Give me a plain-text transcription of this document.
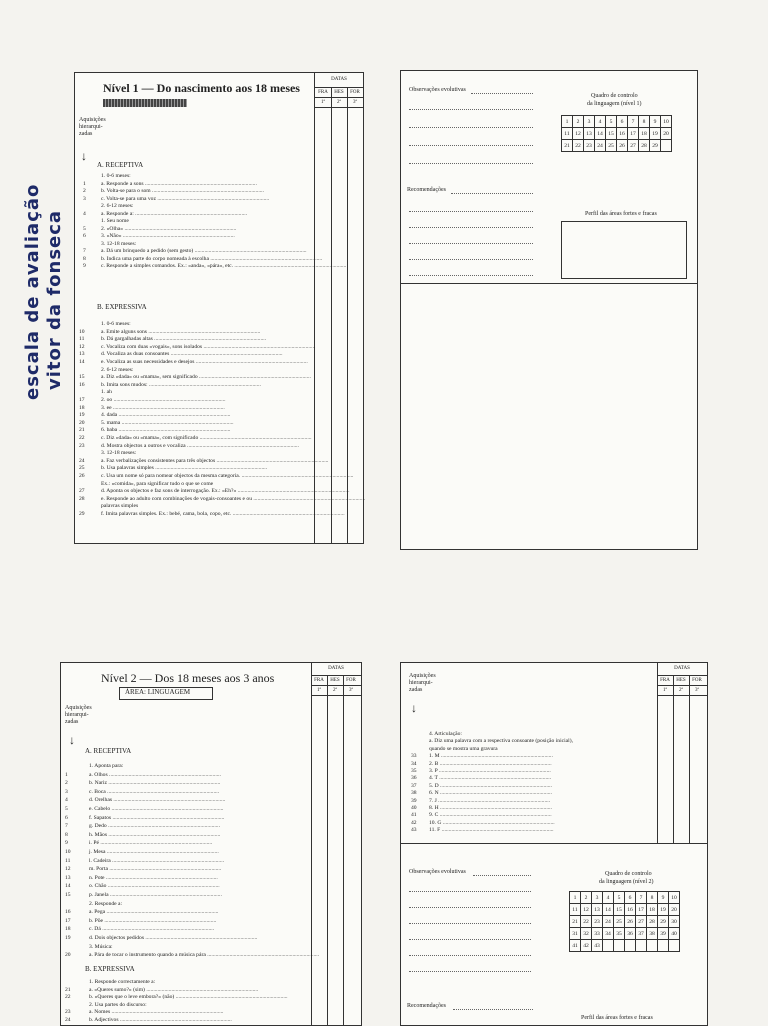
escala de avaliação vitor da fonseca
Nível 1 — Do nascimento aos 18 meses
DATAS
FRA	HES	FOR
1ª	2ª	3ª
Aquisições
hierarqui-
zadas
↓
A. RECEPTIVA
1. 0-6 meses:
1	a. Responde a sons ................................................................................
2	b. Volta-se para o som ................................................................................
3	c. Volta-se para uma voz ................................................................................
2. 6-12 meses:
4	a. Responde a: ................................................................................
1. Seu nome
5	2. «Olha» ................................................................................
6	3. «Não» ................................................................................
3. 12-18 meses:
7	a. Dá um brinquedo a pedido (sem gesto) ................................................................................
8	b. Indica uma parte do corpo nomeada à escolha ................................................................................
9	c. Responde a simples comandos. Ex.: «anda», «pára», etc. ................................................................................
B. EXPRESSIVA
1. 0-6 meses:
10	a. Emite alguns sons ................................................................................
11	b. Dá gargalhadas altas ................................................................................
12	c. Vocaliza com duas «vogais», sons isolados ................................................................................
13	d. Vocaliza as duas consoantes ................................................................................
14	e. Vocaliza as suas necessidades e desejos ................................................................................
2. 6-12 meses:
15	a. Diz «dada» ou «mama», sem significado ................................................................................
16	b. Imita sons mudos: ................................................................................
1. ah
17	2. oo ................................................................................
18	3. ee ................................................................................
19	4. dada ................................................................................
20	5. mama ................................................................................
21	6. baba ................................................................................
22	c. Diz «dada» ou «mama», com significado ................................................................................
23	d. Mostra objectos a outros e vocaliza ................................................................................
3. 12-18 meses:
24	a. Faz verbalizações consistentes para três objectos ................................................................................
25	b. Usa palavras simples ................................................................................
26	c. Usa um nome só para nomear objectos da mesma categoria. ................................................................................
Ex.: «comida», para significar tudo o que se come
27	d. Aponta os objectos e faz sons de interrogação. Ex.: «Eh?» ................................................................................
28	e. Responde ao adulto com combinações de vogais-consoantes e ou ................................................................................
palavras simples
29	f. Imita palavras simples. Ex.: bebé, cama, bola, copo, etc. ................................................................................
Observações evolutivas
Quadro de controlo
da linguagem (nível 1)
1	2	3	4	5	6	7	8	9	10
11	12	13	14	15	16	17	18	19	20
21	22	23	24	25	26	27	28	29	
Recomendações
Perfil das áreas fortes e fracas
Nível 2 — Dos 18 meses aos 3 anos
ÁREA: LINGUAGEM
DATAS
FRA	HES	FOR
1ª	2ª	3ª
Aquisições
hierarqui-
zadas
↓
A. RECEPTIVA
1. Aponta para:
1	a. Olhos ................................................................................
2	b. Nariz ................................................................................
3	c. Boca ................................................................................
4	d. Orelhas ................................................................................
5	e. Cabelo ................................................................................
6	f. Sapatos ................................................................................
7	g. Dedo ................................................................................
8	h. Mãos ................................................................................
9	i. Pé ................................................................................
10	j. Mesa ................................................................................
11	l. Cadeira ................................................................................
12	m. Porta ................................................................................
13	n. Pote ................................................................................
14	o. Chão ................................................................................
15	p. Janela ................................................................................
2. Responde a:
16	a. Pega ................................................................................
17	b. Põe ................................................................................
18	c. Dá ................................................................................
19	d. Dois objectos pedidos ................................................................................
3. Música:
20	a. Pára de tocar o instrumento quando a música pára ................................................................................
B. EXPRESSIVA
1. Responde correctamente a:
21	a. «Queres sumo?» (sim) ................................................................................
22	b. «Queres que o leve embora?» (não) ................................................................................
2. Usa partes do discurso:
23	a. Nomes ................................................................................
24	b. Adjectivos ................................................................................
DATAS
FRA	HES	FOR
1ª	2ª	3ª
Aquisições
hierarqui-
zadas
↓
4. Articulação:
a. Diz uma palavra com a respectiva consoante (posição inicial),
quando se mostra uma gravura
33	1. M ................................................................................
34	2. B ................................................................................
35	3. P ................................................................................
36	4. T ................................................................................
37	5. D ................................................................................
38	6. N ................................................................................
39	7. J ................................................................................
40	8. H ................................................................................
41	9. C ................................................................................
42	10. G ................................................................................
43	11. F ................................................................................
Observações evolutivas	Quadro de controlo
da linguagem (nível 2)
1	2	3	4	5	6	7	8	9	10
11	12	13	14	15	16	17	18	19	20
21	22	23	24	25	26	27	28	29	30
31	32	33	34	35	36	37	38	39	40
41	42	43							
Recomendações
Perfil das áreas fortes e fracas
